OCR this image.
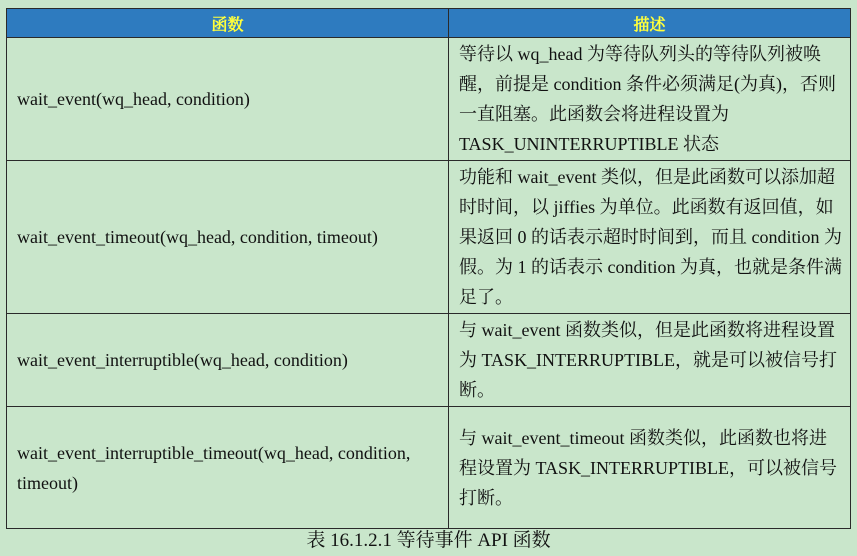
函数	描述

wait_event(wq_head, condition)	等待以 wq_head 为等待队列头的等待队列被唤醒，前提是 condition 条件必须满足(为真)，否则一直阻塞。此函数会将进程设置为 TASK_UNINTERRUPTIBLE 状态

wait_event_timeout(wq_head, condition, timeout)	功能和 wait_event 类似，但是此函数可以添加超时时间，以 jiffies 为单位。此函数有返回值，如果返回 0 的话表示超时时间到，而且 condition 为假。为 1 的话表示 condition 为真，也就是条件满足了。

wait_event_interruptible(wq_head, condition)	与 wait_event 函数类似，但是此函数将进程设置为 TASK_INTERRUPTIBLE，就是可以被信号打断。

wait_event_interruptible_timeout(wq_head, condition, timeout)	与 wait_event_timeout 函数类似，此函数也将进程设置为 TASK_INTERRUPTIBLE，可以被信号打断。
表 16.1.2.1 等待事件 API 函数
